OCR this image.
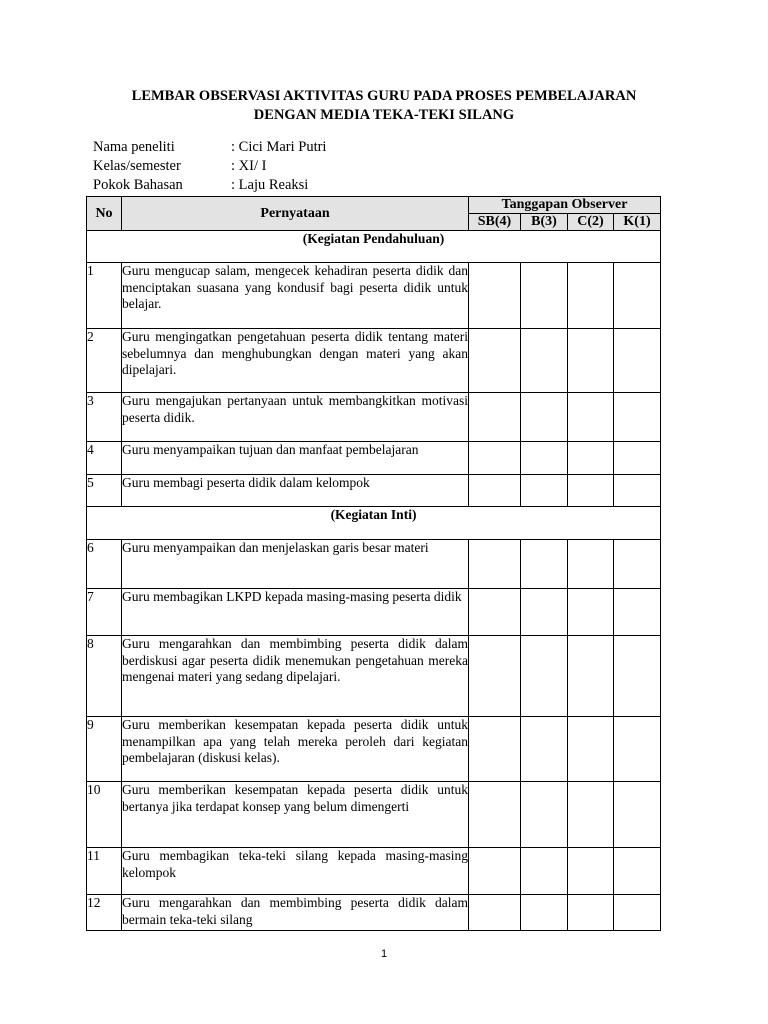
LEMBAR OBSERVASI AKTIVITAS GURU PADA PROSES PEMBELAJARAN
DENGAN MEDIA TEKA-TEKI SILANG
Nama peneliti	: Cici Mari Putri
Kelas/semester	: XI/ I
Pokok Bahasan	: Laju Reaksi
No	Pernyataan	Tanggapan Observer			
		SB(4)	B(3)	C(2)	K(1)
(Kegiatan Pendahuluan)					
1	Guru mengucap salam, mengecek kehadiran peserta didik dan menciptakan suasana yang kondusif bagi peserta didik untuk belajar.				
2	Guru mengingatkan pengetahuan peserta didik tentang materi sebelumnya dan menghubungkan dengan materi yang akan dipelajari.				
3	Guru mengajukan pertanyaan untuk membangkitkan motivasi peserta didik.				
4	Guru menyampaikan tujuan dan manfaat pembelajaran				
5	Guru membagi peserta didik dalam kelompok				
(Kegiatan Inti)					
6	Guru menyampaikan dan menjelaskan garis besar materi				
7	Guru membagikan LKPD kepada masing-masing peserta didik				
8	Guru mengarahkan dan membimbing peserta didik dalam berdiskusi agar peserta didik menemukan pengetahuan mereka mengenai materi yang sedang dipelajari.				
9	Guru memberikan kesempatan kepada peserta didik untuk menampilkan apa yang telah mereka peroleh dari kegiatan pembelajaran (diskusi kelas).				
10	Guru memberikan kesempatan kepada peserta didik untuk bertanya jika terdapat konsep yang belum dimengerti				
11	Guru membagikan teka-teki silang kepada masing-masing kelompok				
12	Guru mengarahkan dan membimbing peserta didik dalam bermain teka-teki silang				
1
